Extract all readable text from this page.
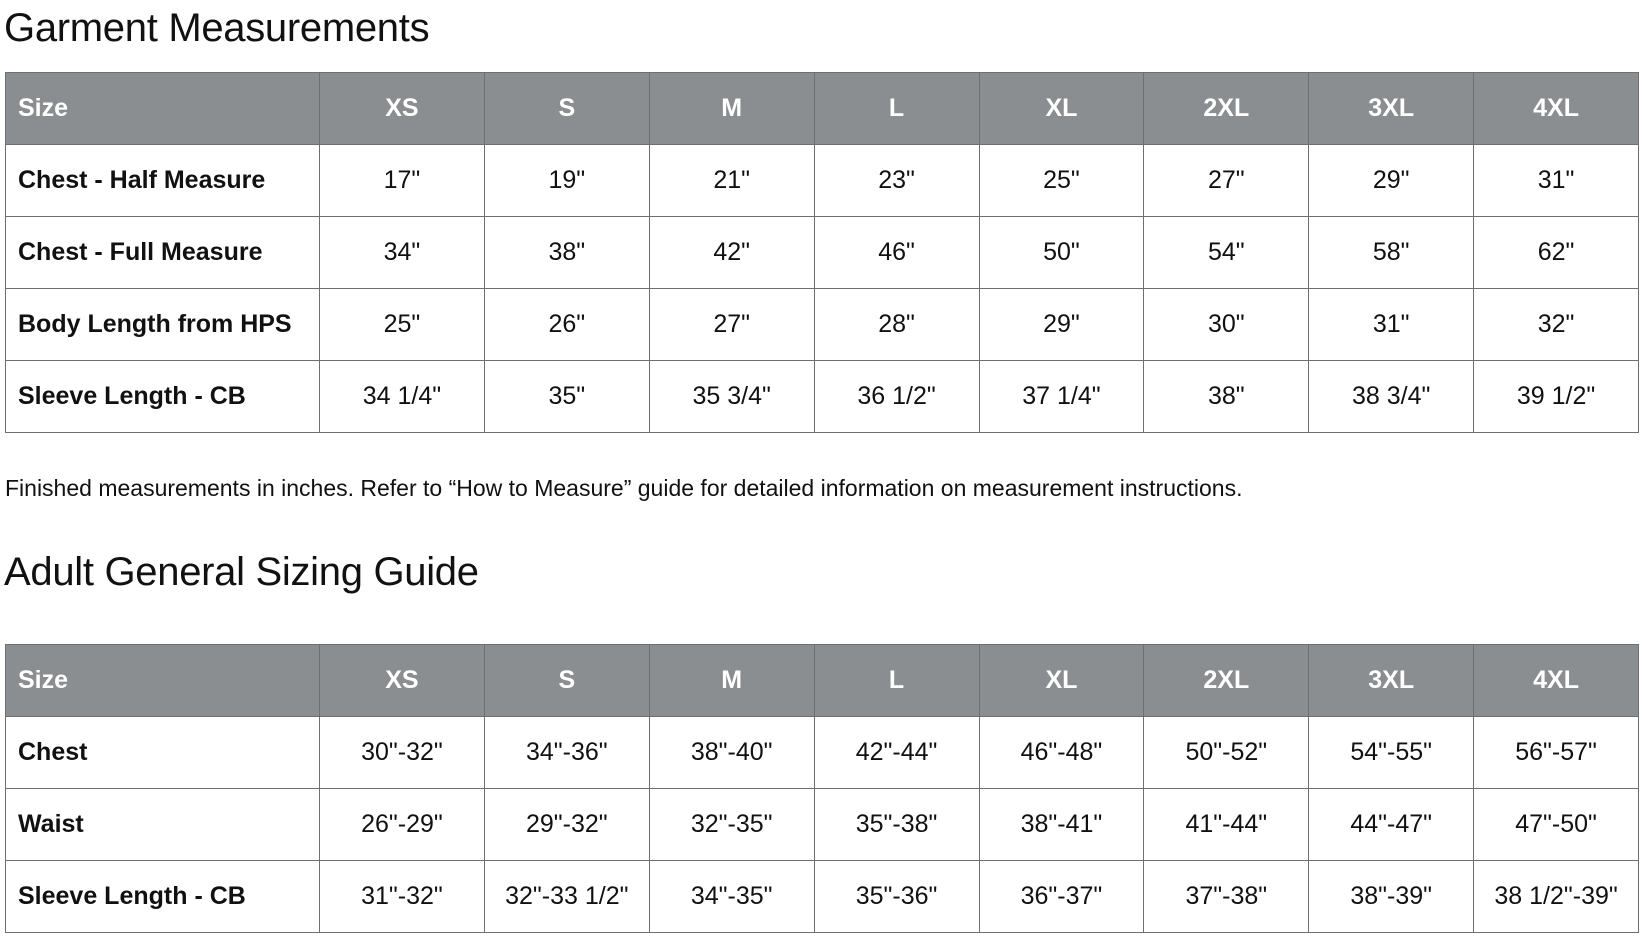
Garment Measurements
Size	XS	S	M	L	XL	2XL	3XL	4XL
Chest - Half Measure	17"	19"	21"	23"	25"	27"	29"	31"
Chest - Full Measure	34"	38"	42"	46"	50"	54"	58"	62"
Body Length from HPS	25"	26"	27"	28"	29"	30"	31"	32"
Sleeve Length - CB	34 1/4"	35"	35 3/4"	36 1/2"	37 1/4"	38"	38 3/4"	39 1/2"

Finished measurements in inches. Refer to “How to Measure” guide for detailed information on measurement instructions.

Adult General Sizing Guide
Size	XS	S	M	L	XL	2XL	3XL	4XL
Chest	30"-32"	34"-36"	38"-40"	42"-44"	46"-48"	50"-52"	54"-55"	56"-57"
Waist	26"-29"	29"-32"	32"-35"	35"-38"	38"-41"	41"-44"	44"-47"	47"-50"
Sleeve Length - CB	31"-32"	32"-33 1/2"	34"-35"	35"-36"	36"-37"	37"-38"	38"-39"	38 1/2"-39"
